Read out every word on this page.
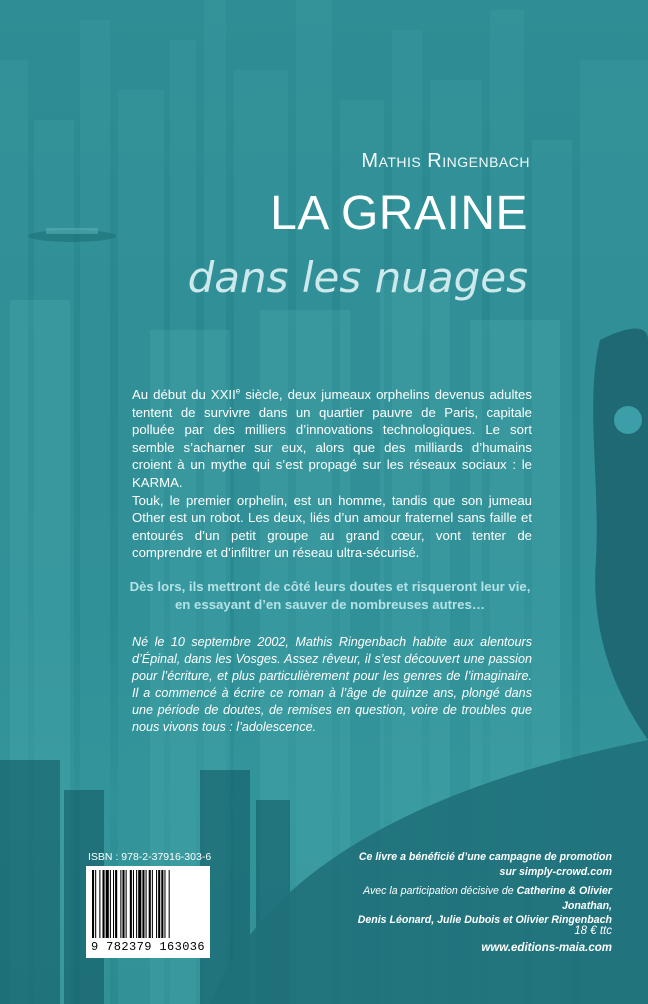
Mathis Ringenbach
LA GRAINE
dans les nuages

Au début du XXIIe siècle, deux jumeaux orphelins devenus adultes tentent de survivre dans un quartier pauvre de Paris, capitale polluée par des milliers d’innovations technologiques. Le sort semble s’acharner sur eux, alors que des milliards d’humains croient à un mythe qui s’est propagé sur les réseaux sociaux : le KARMA.

Touk, le premier orphelin, est un homme, tandis que son jumeau Other est un robot. Les deux, liés d’un amour fraternel sans faille et entourés d’un petit groupe au grand cœur, vont tenter de comprendre et d’infiltrer un réseau ultra-sécurisé.

Dès lors, ils mettront de côté leurs doutes et risqueront leur vie,
en essayant d’en sauver de nombreuses autres…
Né le 10 septembre 2002, Mathis Ringenbach habite aux alentours d’Épinal, dans les Vosges. Assez rêveur, il s’est découvert une passion pour l’écriture, et plus particulièrement pour les genres de l’imaginaire. Il a commencé à écrire ce roman à l’âge de quinze ans, plongé dans une période de doutes, de remises en question, voire de troubles que nous vivons tous : l’adolescence.
ISBN : 978-2-37916-303-6
9 782379 163036
Ce livre a bénéficié d’une campagne de promotion
sur simply-crowd.com
Avec la participation décisive de Catherine & Olivier Jonathan,
Denis Léonard, Julie Dubois et Olivier Ringenbach
18 € ttc
www.editions-maia.com
